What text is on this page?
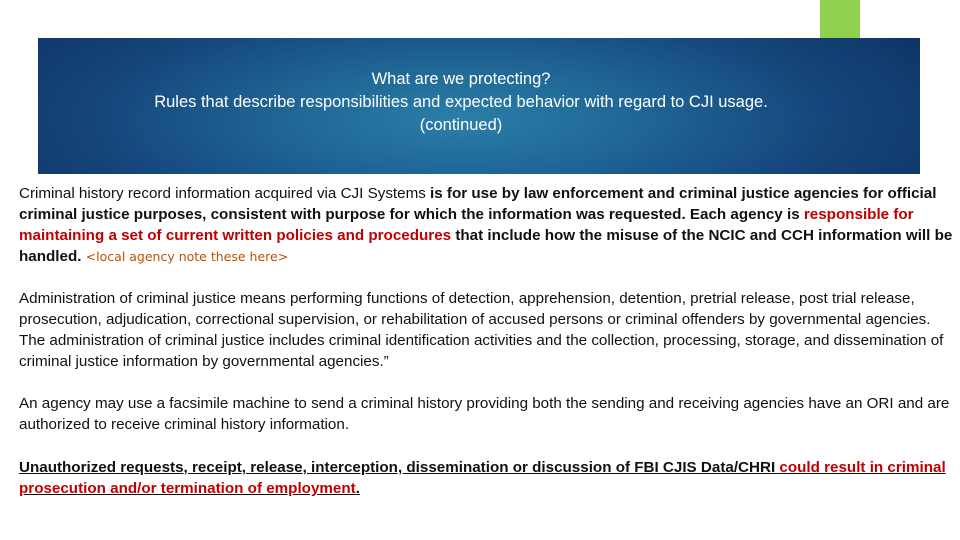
What are we protecting?
Rules that describe responsibilities and expected behavior with regard to CJI usage.
(continued)

Criminal history record information acquired via CJI Systems is for use by law enforcement and criminal justice agencies for official criminal justice purposes, consistent with purpose for which the information was requested. Each agency is responsible for maintaining a set of current written policies and procedures that include how the misuse of the NCIC and CCH information will be handled. <local agency note these here>

Administration of criminal justice means performing functions of detection, apprehension, detention, pretrial release, post trial release, prosecution, adjudication, correctional supervision, or rehabilitation of accused persons or criminal offenders by governmental agencies. The administration of criminal justice includes criminal identification activities and the collection, processing, storage, and dissemination of criminal justice information by governmental agencies.”

An agency may use a facsimile machine to send a criminal history providing both the sending and receiving agencies have an ORI and are authorized to receive criminal history information.

Unauthorized requests, receipt, release, interception, dissemination or discussion of FBI CJIS Data/CHRI could result in criminal prosecution and/or termination of employment.
